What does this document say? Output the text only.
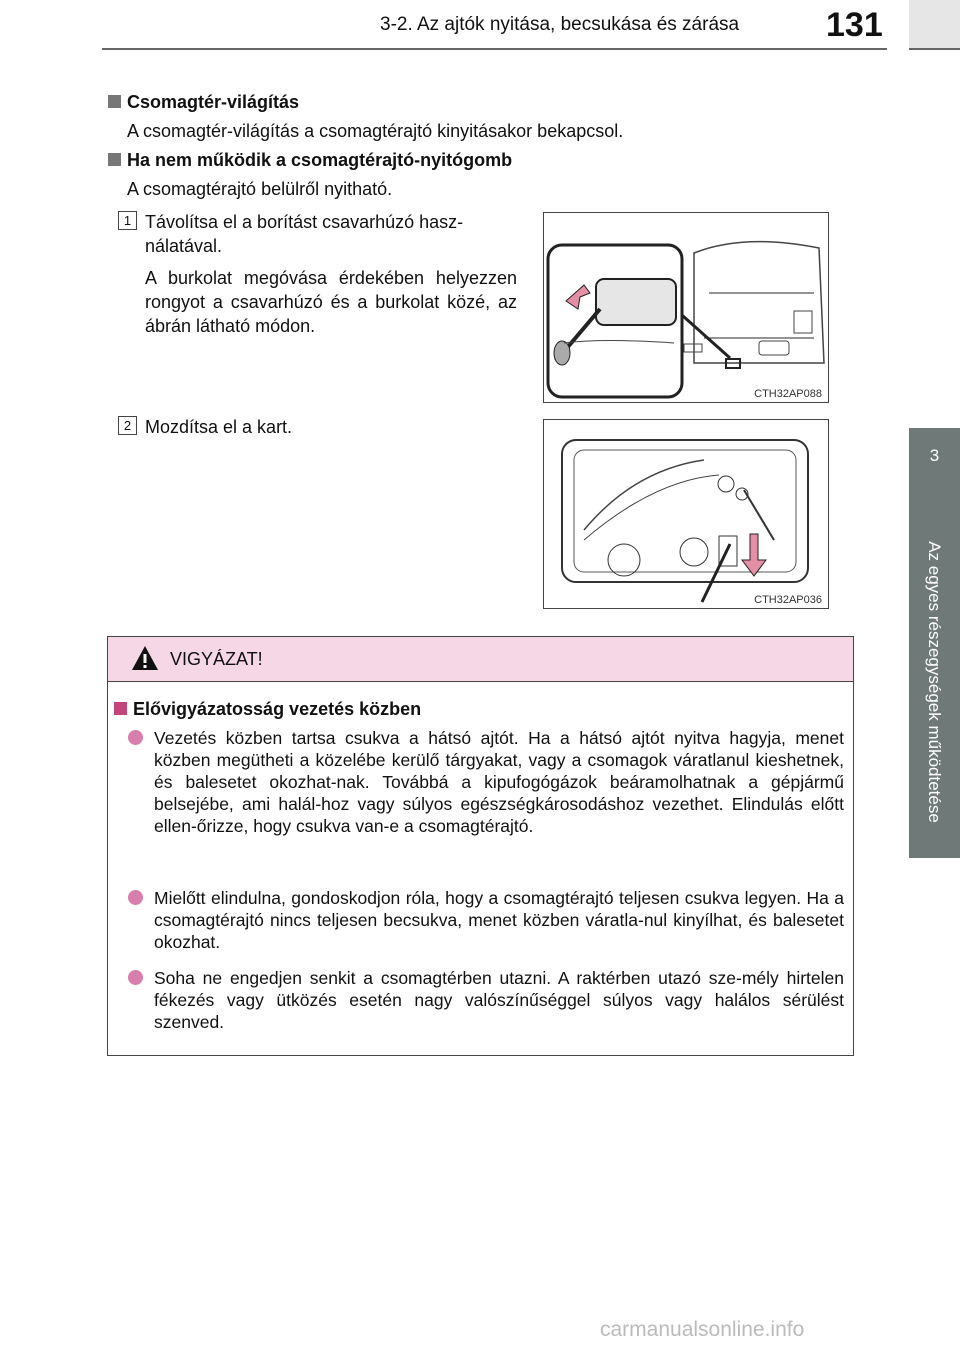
3-2. Az ajtók nyitása, becsukása és zárása	131
3
Az egyes részegységek működtetése
Csomagtér-világítás
A csomagtér-világítás a csomagtérajtó kinyitásakor bekapcsol.
Ha nem működik a csomagtérajtó-nyitógomb
A csomagtérajtó belülről nyitható.
1 Távolítsa el a borítást csavarhúzó hasz-nálatával.
A burkolat megóvása érdekében helyezzen rongyot a csavarhúzó és a burkolat közé, az ábrán látható módon.
CTH32AP088
2 Mozdítsa el a kart.
CTH32AP036
VIGYÁZAT!
Elővigyázatosság vezetés közben
Vezetés közben tartsa csukva a hátsó ajtót. Ha a hátsó ajtót nyitva hagyja, menet közben megütheti a közelébe kerülő tárgyakat, vagy a csomagok váratlanul kieshetnek, és balesetet okozhat-nak. Továbbá a kipufogógázok beáramolhatnak a gépjármű belsejébe, ami halál-hoz vagy súlyos egészségkárosodáshoz vezethet. Elindulás előtt ellen-őrizze, hogy csukva van-e a csomagtérajtó.
Mielőtt elindulna, gondoskodjon róla, hogy a csomagtérajtó teljesen csukva legyen. Ha a csomagtérajtó nincs teljesen becsukva, menet közben váratla-nul kinyílhat, és balesetet okozhat.
Soha ne engedjen senkit a csomagtérben utazni. A raktérben utazó sze-mély hirtelen fékezés vagy ütközés esetén nagy valószínűséggel súlyos vagy halálos sérülést szenved.
carmanualsonline.info
